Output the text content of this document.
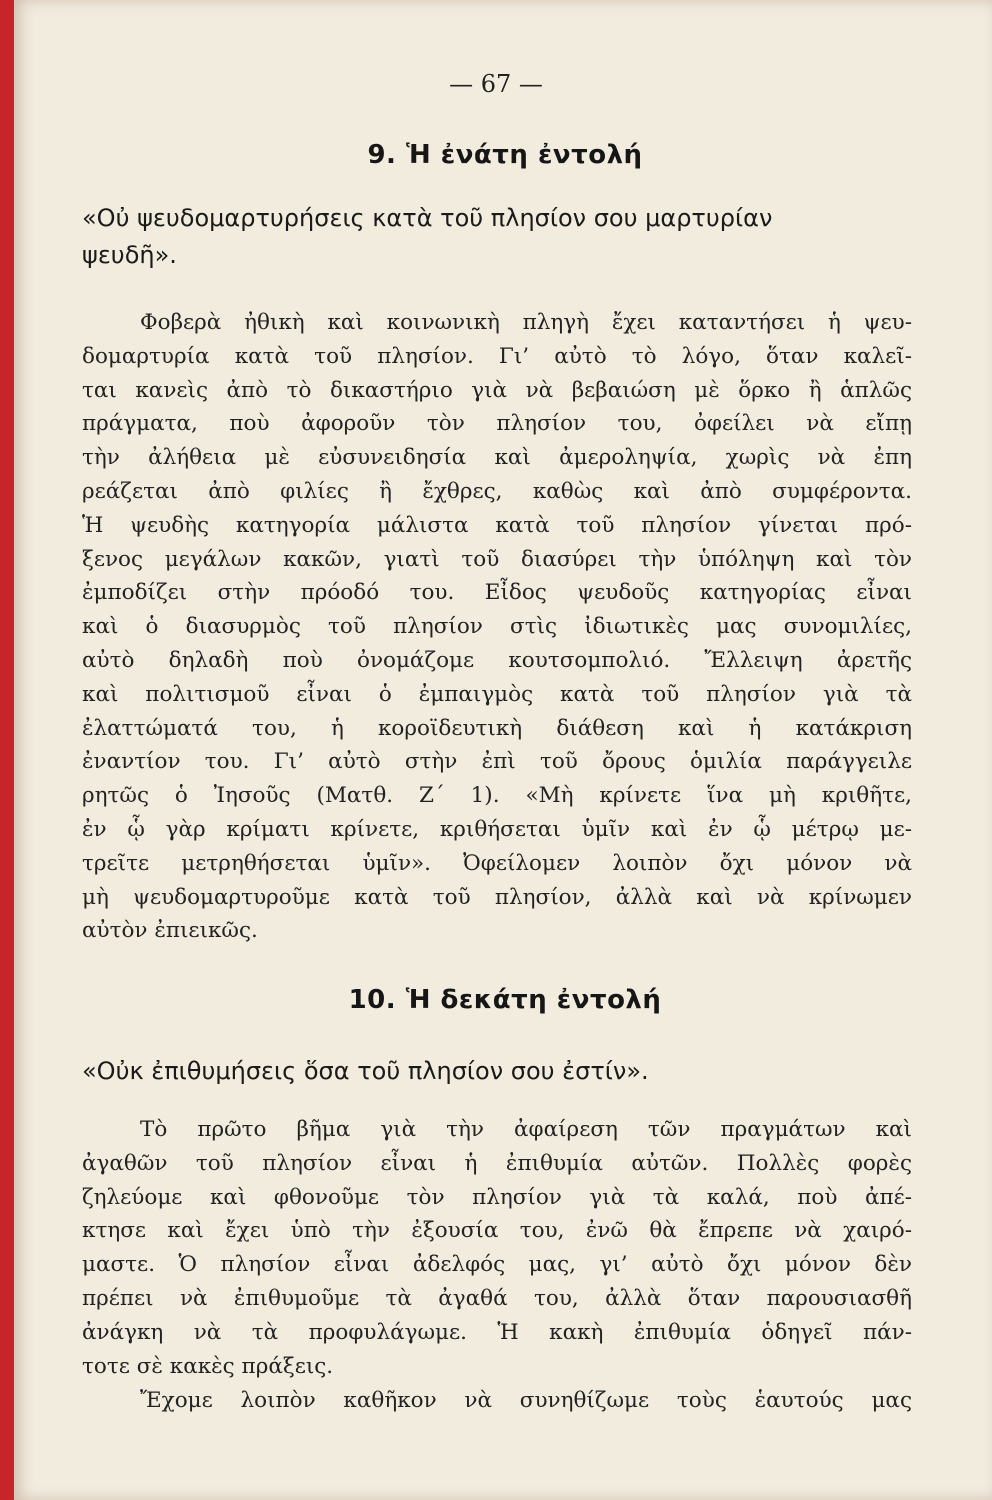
— 67 —

9. Ἡ ἐνάτη ἐντολή

«Οὐ ψευδομαρτυρήσεις κατὰ τοῦ πλησίον σου μαρτυρίαν
ψευδῆ».

Φοβερὰ ἠθικὴ καὶ κοινωνικὴ πληγὴ ἔχει καταντήσει ἡ ψευ-
δομαρτυρία κατὰ τοῦ πλησίον. Γι’ αὐτὸ τὸ λόγο, ὅταν καλεῖ-
ται κανεὶς ἀπὸ τὸ δικαστήριο γιὰ νὰ βεβαιώση μὲ ὅρκο ἢ ἁπλῶς
πράγματα, ποὺ ἀφοροῦν τὸν πλησίον του, ὀφείλει νὰ εἴπῃ
τὴν ἀλήθεια μὲ εὐσυνειδησία καὶ ἀμεροληψία, χωρὶς νὰ ἐπη
ρεάζεται ἀπὸ φιλίες ἢ ἔχθρες, καθὼς καὶ ἀπὸ συμφέροντα.
Ἡ ψευδὴς κατηγορία μάλιστα κατὰ τοῦ πλησίον γίνεται πρό-
ξενος μεγάλων κακῶν, γιατὶ τοῦ διασύρει τὴν ὑπόληψη καὶ τὸν
ἐμποδίζει στὴν πρόοδό του. Εἶδος ψευδοῦς κατηγορίας εἶναι
καὶ ὁ διασυρμὸς τοῦ πλησίον στὶς ἰδιωτικὲς μας συνομιλίες,
αὐτὸ δηλαδὴ ποὺ ὀνομάζομε κουτσομπολιό. Ἔλλειψη ἀρετῆς
καὶ πολιτισμοῦ εἶναι ὁ ἐμπαιγμὸς κατὰ τοῦ πλησίον γιὰ τὰ
ἐλαττώματά του, ἡ κοροϊδευτικὴ διάθεση καὶ ἡ κατάκριση
ἐναντίον του. Γι’ αὐτὸ στὴν ἐπὶ τοῦ ὄρους ὁμιλία παράγγειλε
ρητῶς ὁ Ἰησοῦς (Ματθ. Ζ΄ 1). «Μὴ κρίνετε ἵνα μὴ κριθῆτε,
ἐν ᾧ γὰρ κρίματι κρίνετε, κριθήσεται ὑμῖν καὶ ἐν ᾧ μέτρῳ με-
τρεῖτε μετρηθήσεται ὑμῖν». Ὀφείλομεν λοιπὸν ὄχι μόνον νὰ
μὴ ψευδομαρτυροῦμε κατὰ τοῦ πλησίον, ἀλλὰ καὶ νὰ κρίνωμεν
αὐτὸν ἐπιεικῶς.
10. Ἡ δεκάτη ἐντολή

«Οὐκ ἐπιθυμήσεις ὅσα τοῦ πλησίον σου ἐστίν».

Τὸ πρῶτο βῆμα γιὰ τὴν ἀφαίρεση τῶν πραγμάτων καὶ
ἀγαθῶν τοῦ πλησίον εἶναι ἡ ἐπιθυμία αὐτῶν. Πολλὲς φορὲς
ζηλεύομε καὶ φθονοῦμε τὸν πλησίον γιὰ τὰ καλά, ποὺ ἀπέ-
κτησε καὶ ἔχει ὑπὸ τὴν ἐξουσία του, ἐνῶ θὰ ἔπρεπε νὰ χαιρό-
μαστε. Ὁ πλησίον εἶναι ἀδελφός μας, γι’ αὐτὸ ὄχι μόνον δὲν
πρέπει νὰ ἐπιθυμοῦμε τὰ ἀγαθά του, ἀλλὰ ὅταν παρουσιασθῆ
ἀνάγκη νὰ τὰ προφυλάγωμε. Ἡ κακὴ ἐπιθυμία ὁδηγεῖ πάν-
τοτε σὲ κακὲς πράξεις.
Ἔχομε λοιπὸν καθῆκον νὰ συνηθίζωμε τοὺς ἑαυτούς μας
